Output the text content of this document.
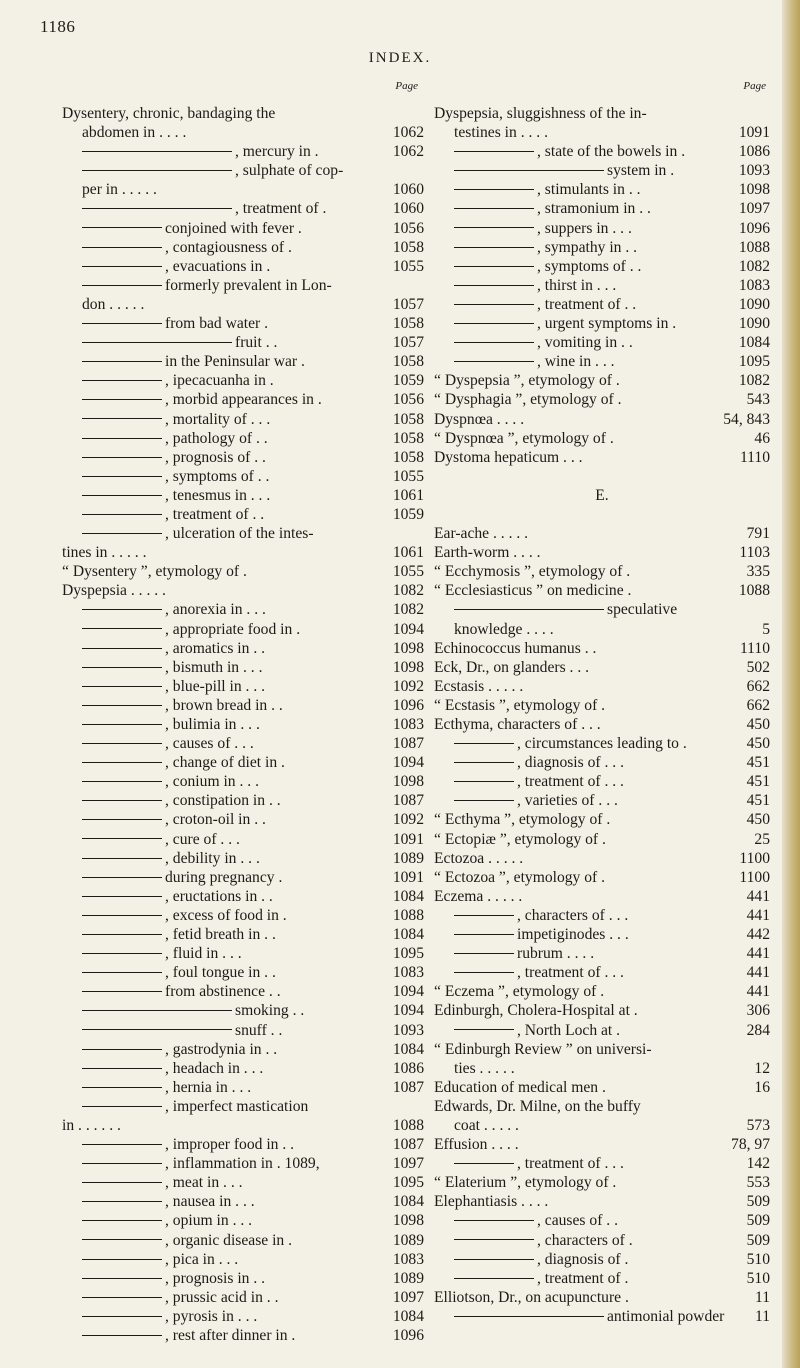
1186
INDEX.
Page
Dysentery, chronic, bandaging the
abdomen in . . . .	1062
, mercury in .	1062
, sulphate of cop-
per in . . . . .	1060
, treatment of .	1060
conjoined with fever .	1056
, contagiousness of .	1058
, evacuations in .	1055
formerly prevalent in Lon-
don . . . . .	1057
from bad water .	1058
fruit . .	1057
in the Peninsular war .	1058
, ipecacuanha in .	1059
, morbid appearances in .	1056
, mortality of . . .	1058
, pathology of . .	1058
, prognosis of . .	1058
, symptoms of . .	1055
, tenesmus in . . .	1061
, treatment of . .	1059
, ulceration of the intes-
tines in . . . . .	1061
“ Dysentery ”, etymology of .	1055
Dyspepsia . . . . .	1082
, anorexia in . . .	1082
, appropriate food in .	1094
, aromatics in . .	1098
, bismuth in . . .	1098
, blue-pill in . . .	1092
, brown bread in . .	1096
, bulimia in . . .	1083
, causes of . . .	1087
, change of diet in .	1094
, conium in . . .	1098
, constipation in . .	1087
, croton-oil in . .	1092
, cure of . . .	1091
, debility in . . .	1089
during pregnancy .	1091
, eructations in . .	1084
, excess of food in .	1088
, fetid breath in . .	1084
, fluid in . . .	1095
, foul tongue in . .	1083
from abstinence . .	1094
smoking . .	1094
snuff . .	1093
, gastrodynia in . .	1084
, headach in . . .	1086
, hernia in . . .	1087
, imperfect mastication
in . . . . . .	1088
, improper food in . .	1087
, inflammation in . 1089,	1097
, meat in . . .	1095
, nausea in . . .	1084
, opium in . . .	1098
, organic disease in .	1089
, pica in . . .	1083
, prognosis in . .	1089
, prussic acid in . .	1097
, pyrosis in . . .	1084
, rest after dinner in .	1096
Page
Dyspepsia, sluggishness of the in-
testines in . . . .	1091
, state of the bowels in .	1086
system in .	1093
, stimulants in . .	1098
, stramonium in . .	1097
, suppers in . . .	1096
, sympathy in . .	1088
, symptoms of . .	1082
, thirst in . . .	1083
, treatment of . .	1090
, urgent symptoms in .	1090
, vomiting in . .	1084
, wine in . . .	1095
“ Dyspepsia ”, etymology of .	1082
“ Dysphagia ”, etymology of .	543
Dyspnœa . . . .	54, 843
“ Dyspnœa ”, etymology of .	46
Dystoma hepaticum . . .	1110
E.
Ear-ache . . . . .	791
Earth-worm . . . .	1103
“ Ecchymosis ”, etymology of .	335
“ Ecclesiasticus ” on medicine .	1088
speculative
knowledge . . . .	5
Echinococcus humanus . .	1110
Eck, Dr., on glanders . . .	502
Ecstasis . . . . .	662
“ Ecstasis ”, etymology of .	662
Ecthyma, characters of . . .	450
, circumstances leading to .	450
, diagnosis of . . .	451
, treatment of . . .	451
, varieties of . . .	451
“ Ecthyma ”, etymology of .	450
“ Ectopiæ ”, etymology of .	25
Ectozoa . . . . .	1100
“ Ectozoa ”, etymology of .	1100
Eczema . . . . .	441
, characters of . . .	441
impetiginodes . . .	442
rubrum . . . .	441
, treatment of . . .	441
“ Eczema ”, etymology of .	441
Edinburgh, Cholera-Hospital at .	306
, North Loch at .	284
“ Edinburgh Review ” on universi-
ties . . . . .	12
Education of medical men .	16
Edwards, Dr. Milne, on the buffy
coat . . . . .	573
Effusion . . . .	78, 97
, treatment of . . .	142
“ Elaterium ”, etymology of .	553
Elephantiasis . . . .	509
, causes of . .	509
, characters of .	509
, diagnosis of .	510
, treatment of .	510
Elliotson, Dr., on acupuncture .	11
antimonial powder 11
